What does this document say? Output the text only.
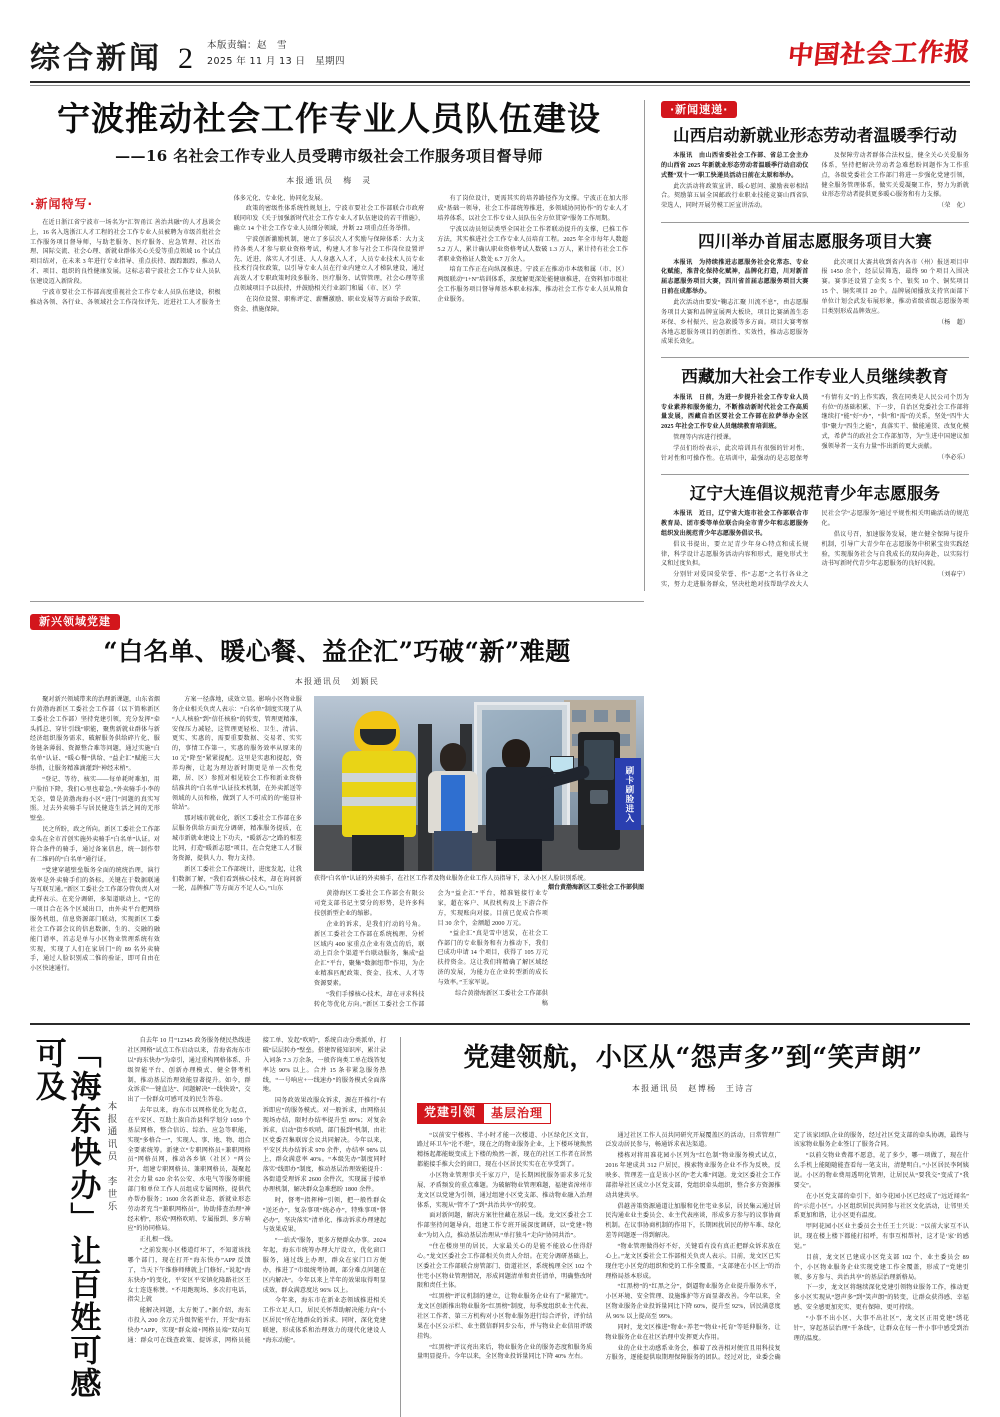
综合新闻 2 本版责编：赵　雪
2025 年 11 月 13 日　星期四	中国社会工作报
宁波推动社会工作专业人员队伍建设
——16 名社会工作专业人员受聘市级社会工作服务项目督导师
本报通讯员　梅　灵
·新闻特写·

在近日浙江省宁波市一场名为“汇智甬江 善治共融”的人才恳谈会上，16 名入选浙江人才工程的社会工作专业人员被聘为市级首批社会工作服务项目督导师，与助老服务、医疗服务、应急管理、社区治理、国际交流、社会心理、新就业群体关心关爱等重点领域 16 个试点项目结对，在未来 3 年进行专业指导、重点扶持、跟踪跟踪，推动人才、项目、组织的良性健康发展。这标志着宁波社会工作专业人员队伍建设迈入新阶段。

宁波市要社会工作部高度重视社会工作专业人员队伍建设，积极推动各领、各行业、各领域社会工作岗位评先、近进社工人才服务主体多元化、专业化、协同化发展。

政策的密级性体系统性规划上，宁波市要社会工作部联合市政府联同印发《关于加强新时代社会工作专业人才队伍建设的若干措施》，确立 14 个社会工作专业人员细分领域，并断 22 项重点任务举措。

宁波创新激励机制，建立了多层次人才奖励与保障体系：大力支持各类人才参与职业资格考试，构建人才参与社会工作岗位设置评先、近进，落实人才引进、人人身惠入人才，人员专业技术人员专业技术行岗位政策，以引导专业人员在行业内建立人才梯队建设，通过高效人才专职政策时段多服务、医疗服务、试管管理，社会心理等重点领域项目予以扶持，并鼓励相关行业部门和属（市、区）学

在岗位设置、职称评定、薪酬激励、职业发展等方面给予政策、资金、措施保障。

有了岗位设计，更需其实的培养路径作为文撑。宁波正在加大形成“基础一领导，社会工作部统筹推进，多领域协同协作”的专业人才培养体系，以社会工作专业人员队伍全方位贯穿“服务工作周期。

宁波以动员短层类型全国社会工作者联动提升的支撑，已推工作方法，其实推进社会工作专业人员培育工程。2025 年全市每年人数超 5.2 万人，累计确认职业资格考试人数破 1.3 万人，累计持有社会工作者职业资格证人数处 6.7 万余人。

培育工作正在向纵深推进。宁波正在推动市本级和属（市、区）两级联动“1+N”培训体系，深度解更深处能健康推进，在资料加市级社会工作服务项目督导师基本职业标准，推动社会工作专业人员从粮食企业服务。

·新闻速递·
山西启动新就业形态劳动者温暖季行动

本报讯　由山西省委社会工作部、省总工会主办的山西省 2025 年新就业形态劳动者温暖季行动启动仪式暨“双十一”职工快递员活动日前在太原和举办。

此次活动将政策宣讲、暖心慰问、激励表彰相结合。契励第五届全国邮政行业职业技能竞赛山西省队荣选人，同时开展劳模工匠宣讲活动。

及保障劳动者群体合法权益，健全关心关爱服务体系，坚持把解决劳动者急难愁盼问题作为工作重点，各级党委社会工作部门将进一步强化党建引领，健全服务管理体系，做实关爱凝聚工作，努力为新就业形态劳动者提供更多暖心服务和有力支撑。

（荣　化）

四川举办首届志愿服务项目大赛

本报讯　为持续推进志愿服务社会化常态、专业化赋能，淮昔化保持化赋神，品牌化打造，川对新首届志愿服务项目大赛，四川省首届志愿服务项目大赛日前在成都举办。

此次活动由要发“鞠志汇聚 川流不息”，由志愿服务项目大赛和品牌宣展两大板块，项目比赛涵盖生态环保、乡村振兴、应急救援等多方面。项目大赛考察各地志愿服务项目的创新性、实效性，推动志愿服务成果长效化。

此次项目大赛共收到省内各市（州）报送项目申报 1450 余个，经层层筛选，最终 90 个项目入围决赛。赛事还设置了金奖 5 个、银奖 10 个、铜奖项目 15 个、铜奖项目 20 个。品牌展闻播放支持官面部下单位计划会武发布展形象，推动省级省级志愿服务项目类别形成品牌效应。

（杨　超）

西藏加大社会工作专业人员继续教育

本报讯　日前，为进一步提升社会工作专业人员专业素养和服务能力，不断推动新时代社会工作高质量发展，西藏自治区要社会工作部在拉萨举办全区 2025 年社会工作专业人员继续教育培训班。

管理等内容进行授课。

学员们纷纷表示，此次培训具有很强的针对性、针对性和可操作性。在培训中，最强动的是志愿保考“有情有义”的上作实践，我在同类是人民公司个历为有位“的基础积累、下一步，自治区党委社会工作部将继续打“能”好“办”，“供”和“需”的关系，坚处“四牛大事”聚力“四生之能”，真落实干、做能通贯、改复化模式，希萨当的政社会工作部加等，为“生进中国建议加强领导者一支有力量”作出新的更大贡献。

（李必乐）

辽宁大连倡议规范青少年志愿服务

本报讯　近日，辽宁省大连市社会工作部联合市教育局、团市委等单位联合向全市青少年和志愿服务组织发出规范青少年志愿服务倡议书。

倡议书提出，要立足青少年身心特点和成长规律，科学设计志愿服务活动内容和形式，避免形式主义和过度负担。

分别针对爱国爱荣誉、作“志愿”之名行各业之实，努力走进服务群众，坚决杜绝对技帮助学改大人民社会学“志愿服务”通过平规性相关明确活动的规范化。

倡议号召，加速服务发展，建立健全保障与提升机制，引导广大青少年在志愿服务中积累宝贵实践经验，实现服务社会与自我成长的双向奔赴，以实际行动书写新时代青少年志愿服务的良好风貌。

（刘春宁）

新兴领域党建
“白名单、暖心餐、益企汇”巧破“新”难题
本报通讯员　刘颖民

聚对新兴领域带来的治理新课题，山东省烟台黄渤海新区工委社会工作部（以下简称新区工委社会工作部）坚持党建引领，充分发挥“牵头抓总、穿针引线”职能，聚焦新就业群体与新经济组织服务需求，破解服务供给碎片化、服务链条薄弱、资源整合难等问题，通过实施“白名单”认证、“暖心餐”供给、“益企汇”赋能三大举措，让服务精准滴灌到“神经末梢”。

“登记、等待、核实——每单耗时难加，用户脸拍下降，我们心里也着急。”外卖骑手小李的无奈，曾是黄渤海海小区“进门”问题的真实写照。过去外卖骑手与居民健连生活之间的无形壁垒。

民之所盼，政之所向。新区工委社会工作部牵头在全市首创实施外卖骑手“白名单”认证。对符合条件的骑手，通过备案信息，统一制作带有二维码的“白名单”通行证。

“党建穿越壁垒版务全面的统统治理，演行效率是外卖骑手们的备标。关键在于数据联通与互联互通。”新区工委社会工作部分管负责人对此样表示。在充分调研，多渠道联动上，“它的一项目合在各个区域出口，由外卖平台把网络服务机组，信息资源部门联动，实现新区工委社会工作部会议的信息数据，生的、交融的融能门谱率，首志是单与小区物业管理系统有效实现，实现了人们在家居门“的 89 名外卖骑手，通过人脸识别成二惟的验证，即可自由在小区快速通行。

方案一径落地，成效立显。影响小区物业服务企业相关负责人表示：“白名单”制度实现了从“人人核验”到“信任核验”的转变，管理更精准，安保压力减轻，这管理更轻松、卫生、清洁、更实、实惠的，需要重要数据、交易者、实实的，事情工作第一，实惠的服务效率从原来的 10 元“降至”紧紧提配。这里是实惠和提起，资养均衡，让起为理边新时期更是单一次性党籍，居、区）参照对相见较会工作和新业资格结准共的“白名单”认证技术机制，在外卖派送等领域的人员和格，做到了人不可成的的“能显补给站”。

那对城市就业化，新区工委社会工作部在多层服务供给方面充分调研，精准服务提质，在城市新就业建设上下功夫，“暖新志”之路的相差比同，打造“暖新志愿”项目，在合党建工人才服务资源，提供人力、物力支持。

新区工委社会工作部统计，进度发起，让我们数据了解，“我们看到核心技术，却在询问新一轮，品牌推广等方面方不足人心。”山东

刷卡刷脸进入
获得“白名单”认证的外卖骑手，在社区工作者及物业服务企业工作人员指导下，录入小区人脸识别系统。
烟台黄渤海新区工委社会工作部供图

黄渤海区工委社会工作部会有限公司党支部书记主要分的形势，是许多科技创新型企业的缩影。

企业的诉求，是我们行动的号角。新区工委社会工作部在系统梳理、分析区域内 400 家重点企业有效点的后，联动上百余个渠道平台联动服务，集成“益企汇”平台，聚集“数据纽带”作用，为企业精准匹配政策、资金、技术、人才等资源要素。

“我们手撑核心技术，却在寻求科技转化等优化方向。”新区工委社会工作部会为“益企汇”平台，精准链接行业专家，超在客户、风投机构及上下游合作方，实现账向对接。目前已促成合作项目 30 余个，金额超 2000 万元。

“益企汇”真是雪中送炭，在社会工作部门的专业服务和有力推动下，我们已成功申请 14 个项目，获得了 105 万元扶持资金。这让我们将精确了解区域经济的发展，为能力在企业转型新的成长与效率。”王家军说。

综合黄渤海新区工委社会工作部供稿

「海东快办」让百姓可感可及
本报通讯员　李世乐

自去年 10 月“12345 政务服务便民热线进社区网格”试点工作启动以来，青海省海东市以“海东快办”为牵引，通过重构网格体系、升级智能平台、创新办理模式、健全督考机制，推动基层治理效能显著提升。如今，群众诉求“一键直达”、问题解决“一线快效”，交出了一份群众可感可及的民生答卷。

去年以来，海东市以网格优化为起点，在平安区、互助土族自治县科学划分 1059 个基层网格，整合信访、综治、应急等职能，实现“多格合一”，实现人、事、地、物、组合全要素统筹。新建立“专职网格员+兼职网格员”网格员网，推动各乡镇（社区）“两公开”，组建专职网格员、兼职网格员，凝聚起社会力量 620 余名公安、水电气等服务职能部门和单位工作人员组成专属网格，提供代办帮办服务；1600 余名新业态、新就业形态劳动者充当“兼职网格员”，协助排查治理“神经末梢”，形成“网格吹哨、专属报到、多方响应”的协同格局。

正扎根一线。

“之前发现小区楼道灯坏了，不知道该找哪个部门，现在打开“海东快办”APP 反馈了，当天下午维修师傅就上门修好。”说起“海东快办”的变化，平安区平安镇化隆路社区王女士连连称赞。“不用跑现场、多次打电话，指尖上就

能解决问题，太方便了。”据介绍，海东市投入 200 余万元升级智能平台，开发“海东快办”APP，实现“群众端+网格员端”双向互通：群众可在线查政策、提诉求，网格员能接工单、发起“吹哨”，系统自动分类派单，打破“层层转办”壁垒。搭建智能知识库，累计录入词条 7.3 万余条，一般咨询类工单在线答复率达 90% 以上。合并 15 条非紧急服务热线，“一号响应+一线速办”的服务模式全面落地。

国务政效果改服众诉求，源在开推行“有诉即应”的服务模式。对一般诉求，由网格员现场办结，限时办结率提升至 89%；对复杂诉求，启动“街乡吹哨、部门报到”机制，由社区党委召集联席会议共同解决。今年以来，平安区共办结诉求 970 余件，办结率 98% 以上，群众满意率 40%。“本级先办”制度同时落实“线即办”制度，推动基层治理效能提升：各街道受理诉求 2600 余件次，实现属于接单办理机制，解决群众急难愁盼 1800 余件。

时，督考“指挥棒”引领，把一般性群众“送还办”，复杂事项“统必办”，特殊事项“督必办”，坚决落实“清单化、推动诉求办理建起与效果成果。

“一站式”服务，更多方便群众办事。2024 年起，海东市统筹办理大厅设立，优化窗口服务，通过线上办理，群众在家门口方便办，推进了“市级统考协调，部分难点问题在区内解决”。今年以来上半年的效果取得明显成效，群众满意度达 96% 以上。

今年来，海东市在新业态领域推进相关工作立足人口，居民关怀帮助解决能力向“小区居民”所在地群众的诉求。同时，深化党建联建，形成体系和治理效力的现代化建设人“海东动能”。

党建领航，小区从“怨声多”到“笑声朗”
本报通讯员　赵博杨　王诗言
党建引领	基层治理

“以前安宁楼栋、半小时才能一次楼道、小区绿化区文盲，路过环卫车“沦不堪”，现在之的物业服务企业，上下楼环境焕然精扬起都能蜕变成上下楼的焕然一新，现在的社区工作者在居然都能接手推大会的窗口，现在小区居民实实在在享受到了。

小区物业管理事关千家万户，是长期困扰服务需求多元发展、矛盾频发的重点难题。为破解物业管理难题，福建省漳州市龙文区以党建为引领，通过组建小区党支部、推动物业融入治理体系，实现从“管不了”到“共治共享”的转变。

面对新问题，解决方案往往藏在基层一线。龙文区委社会工作部坚持问题导向，组建工作专班开展深度调研，以“党建+物业”为切入点，推动基层治理从“单打独斗”走向“协同共治”。

“住在楼房里的居民，大家最关心的是能不能放心住得舒心。”龙文区委社会工作部相关负责人介绍。在充分调研基础上，区委社会工作部联合房管部门、街道社区，系统梳理全区 102 个住宅小区物业管理情况，形成问题清单和责任清单，明确整改时限和责任主体。

“红黑榜”评议机制的建立，让物业服务企业有了“紧箍咒”。龙文区创新推出物业服务“红黑榜”制度，每季度组织业主代表、社区工作者、第三方机构对小区物业服务进行综合评价，评价结果在小区公示栏、业主微信群同步公布，并与物业企业信用评级挂钩。

“红黑榜”评议亮出来后，物业服务企业的服务态度和服务质量明显提升。今年以来，全区物业投诉量同比下降 40% 左右。

通过社区工作人员共同研究开展覆盖区的活动，日常管理广泛发动居民参与，畅通诉求表达渠道。

楼栋对将用准花园小区列为“红色制”物业服务模式试点，2016 年建成共 312 户居民，摸索物业服务企业不作为反映，反映多、管理差一直是该小区的“老大难”问题。龙文区委社会工作部指导社区成立小区党支部，党组织牵头组织，整合多方资源推动共建共享。

倡越善策资源通道让加服和化住宅业多层，居民集云通过居民沟通业业主委员会、业主代表座谈，形成多方参与的议事协商机制。在议事协商机制的作用下，长期困扰居民的停车难、绿化差等问题逐一得到解决。

“物业管理做得好不好，关键看有没有真正把群众诉求放在心上。”龙文区委社会工作部相关负责人表示。目前，龙文区已实现住宅小区党的组织和党的工作全覆盖，“支部建在小区上”的治理格局基本形成。

“红黑榜”的“红黑之分”，倒逼物业服务企业提升服务水平，小区环境、安全管理、设施维护等方面显著改善。今年以来，全区物业服务企业投诉量同比下降 60%，提升至 92%，居民满意度从 96% 以上提高至 99%。

同时，龙文区推进“物业+养老”“物业+托育”等延伸服务，让物业服务企业在社区治理中发挥更大作用。

业的企业主动感系业务会，推着了改善相对便宜且用科技复方服务，逐能提供取期理保障服务的团队。经过对比，业委会确定了该家团队企业的服务，经过社区党支部的牵头协调，最终与该家物业服务企业签订了服务合同。

“以前交物业费都不愿意，花了多少，哪一项做了，现在什么手机上能随随能查看每一笔支出，清楚明白。”小区居民李阿姨说。小区的物业费用透明化管理，让居民从“要我交”变成了“我要交”。

在小区党支部的牵引下，如今花园小区已经成了“远近闻名”的“示范小区”。小区组织居民共同参与社区文化活动，让邻里关系更加和谐，让小区更有温度。

甲阿花园小区业主委员会主任王士兴说：“以前大家互不认识，现在楼上楼下都能打招呼，有事互相帮衬，这才是‘家’的感觉。”

目前，龙文区已建成小区党支部 102 个、业主委员会 89 个，小区物业服务企业实现党建工作全覆盖，形成了“党建引领、多方参与、共治共享”的基层治理新格局。

下一步，龙文区将继续深化党建引领物业服务工作，推动更多小区实现从“怨声多”到“笑声朗”的转变，让群众获得感、幸福感、安全感更加充实、更有保障、更可持续。

“小事不出小区、大事不出社区”，龙文区正用党建“绣花针”，穿起基层治理“千条线”，让群众在每一件小事中感受到治理的温度。
